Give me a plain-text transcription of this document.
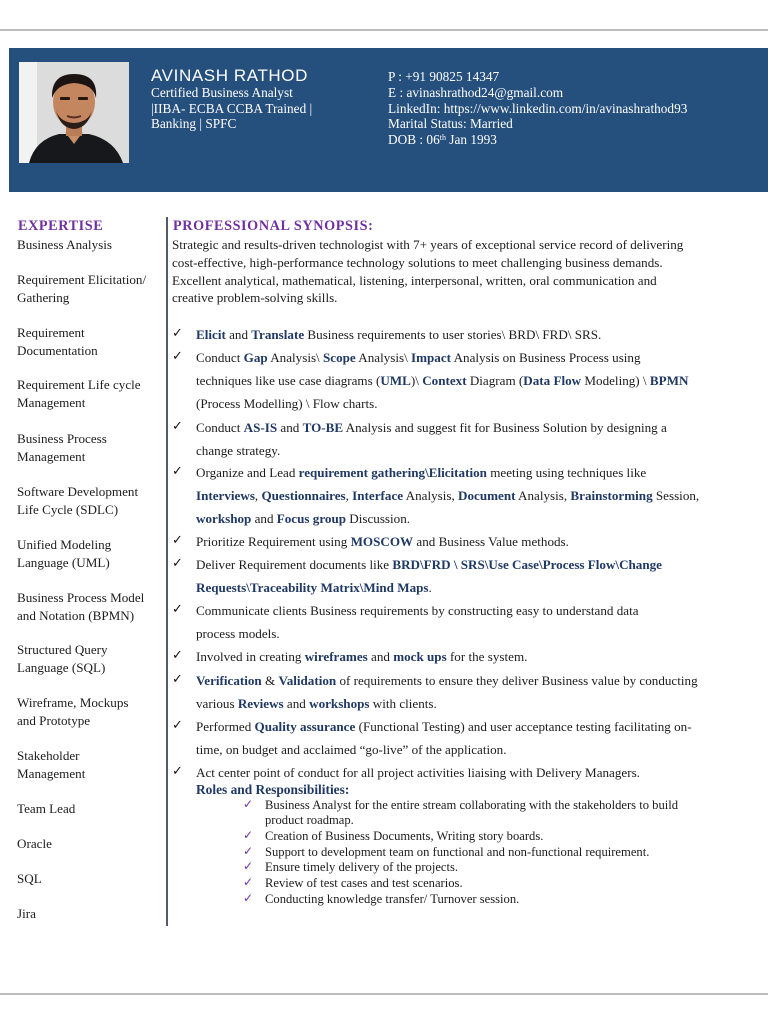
AVINASH RATHOD
Certified Business Analyst
|IIBA- ECBA CCBA Trained |
Banking | SPFC
P : +91 90825 14347
E : avinashrathod24@gmail.com
LinkedIn: https://www.linkedin.com/in/avinashrathod93
Marital Status: Married
DOB : 06th Jan 1993
EXPERTISE
Business Analysis
Requirement Elicitation/
Gathering
Requirement
Documentation
Requirement Life cycle
Management
Business Process
Management
Software Development
Life Cycle (SDLC)
Unified Modeling
Language (UML)
Business Process Model
and Notation (BPMN)
Structured Query
Language (SQL)
Wireframe, Mockups
and Prototype
Stakeholder
Management
Team Lead
Oracle
SQL
Jira
PROFESSIONAL SYNOPSIS:
Strategic and results-driven technologist with 7+ years of exceptional service record of delivering
cost-effective, high-performance technology solutions to meet challenging business demands.
Excellent analytical, mathematical, listening, interpersonal, written, oral communication and
creative problem-solving skills.
Roles and Responsibilities:
✓ Elicit and Translate Business requirements to user stories\ BRD\ FRD\ SRS.
✓ Conduct Gap Analysis\ Scope Analysis\ Impact Analysis on Business Process using
techniques like use case diagrams (UML)\ Context Diagram (Data Flow Modeling) \ BPMN
(Process Modelling) \ Flow charts.
✓ Conduct AS-IS and TO-BE Analysis and suggest fit for Business Solution by designing a
change strategy.
✓ Organize and Lead requirement gathering\Elicitation meeting using techniques like
Interviews, Questionnaires, Interface Analysis, Document Analysis, Brainstorming Session,
workshop and Focus group Discussion.
✓ Prioritize Requirement using MOSCOW and Business Value methods.
✓ Deliver Requirement documents like BRD\FRD \ SRS\Use Case\Process Flow\Change
Requests\Traceability Matrix\Mind Maps.
✓ Communicate clients Business requirements by constructing easy to understand data
process models.
✓ Involved in creating wireframes and mock ups for the system.
✓ Verification & Validation of requirements to ensure they deliver Business value by conducting
various Reviews and workshops with clients.
✓ Performed Quality assurance (Functional Testing) and user acceptance testing facilitating on-
time, on budget and acclaimed “go-live” of the application.
✓ Act center point of conduct for all project activities liaising with Delivery Managers.
✓ Business Analyst for the entire stream collaborating with the stakeholders to build
product roadmap.
✓ Creation of Business Documents, Writing story boards.
✓ Support to development team on functional and non-functional requirement.
✓ Ensure timely delivery of the projects.
✓ Review of test cases and test scenarios.
✓ Conducting knowledge transfer/ Turnover session.
